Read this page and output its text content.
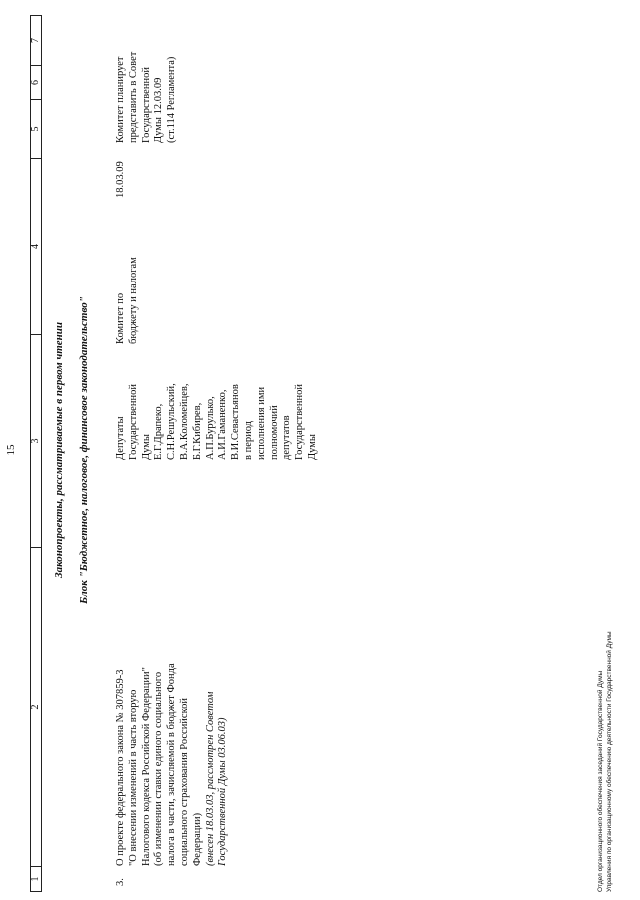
15
1
2
3
4
5
6
7
Законопроекты, рассматриваемые в первом чтении Блок "Бюджетное, налоговое, финансовое законодательство"
3.
О проекте федерального закона № 307859-3 "О внесении изменений в часть вторую Налогового кодекса Российской Федерации" (об изменении ставки единого социального налога в части, зачисляемой в бюджет Фонда социального страхования Российской Федерации) (внесен 18.03.03, рассмотрен Советом Государственной Думы 03.06.03)
Депутаты Государственной Думы Е.Г.Драпеко, С.Н.Решульский, В.А.Коломейцев, Б.Г.Кибирев, А.П.Бурулько, А.И.Гаманенко, В.И.Севастьянов в период исполнения ими полномочий депутатов Государственной Думы
Комитет по бюджету и налогам
18.03.09
Комитет планирует представить в Совет Государственной Думы 12.03.09 (ст.114 Регламента)
Отдел организационного обеспечения заседаний Государственной Думы Управления по организационному обеспечению деятельности Государственной Думы
